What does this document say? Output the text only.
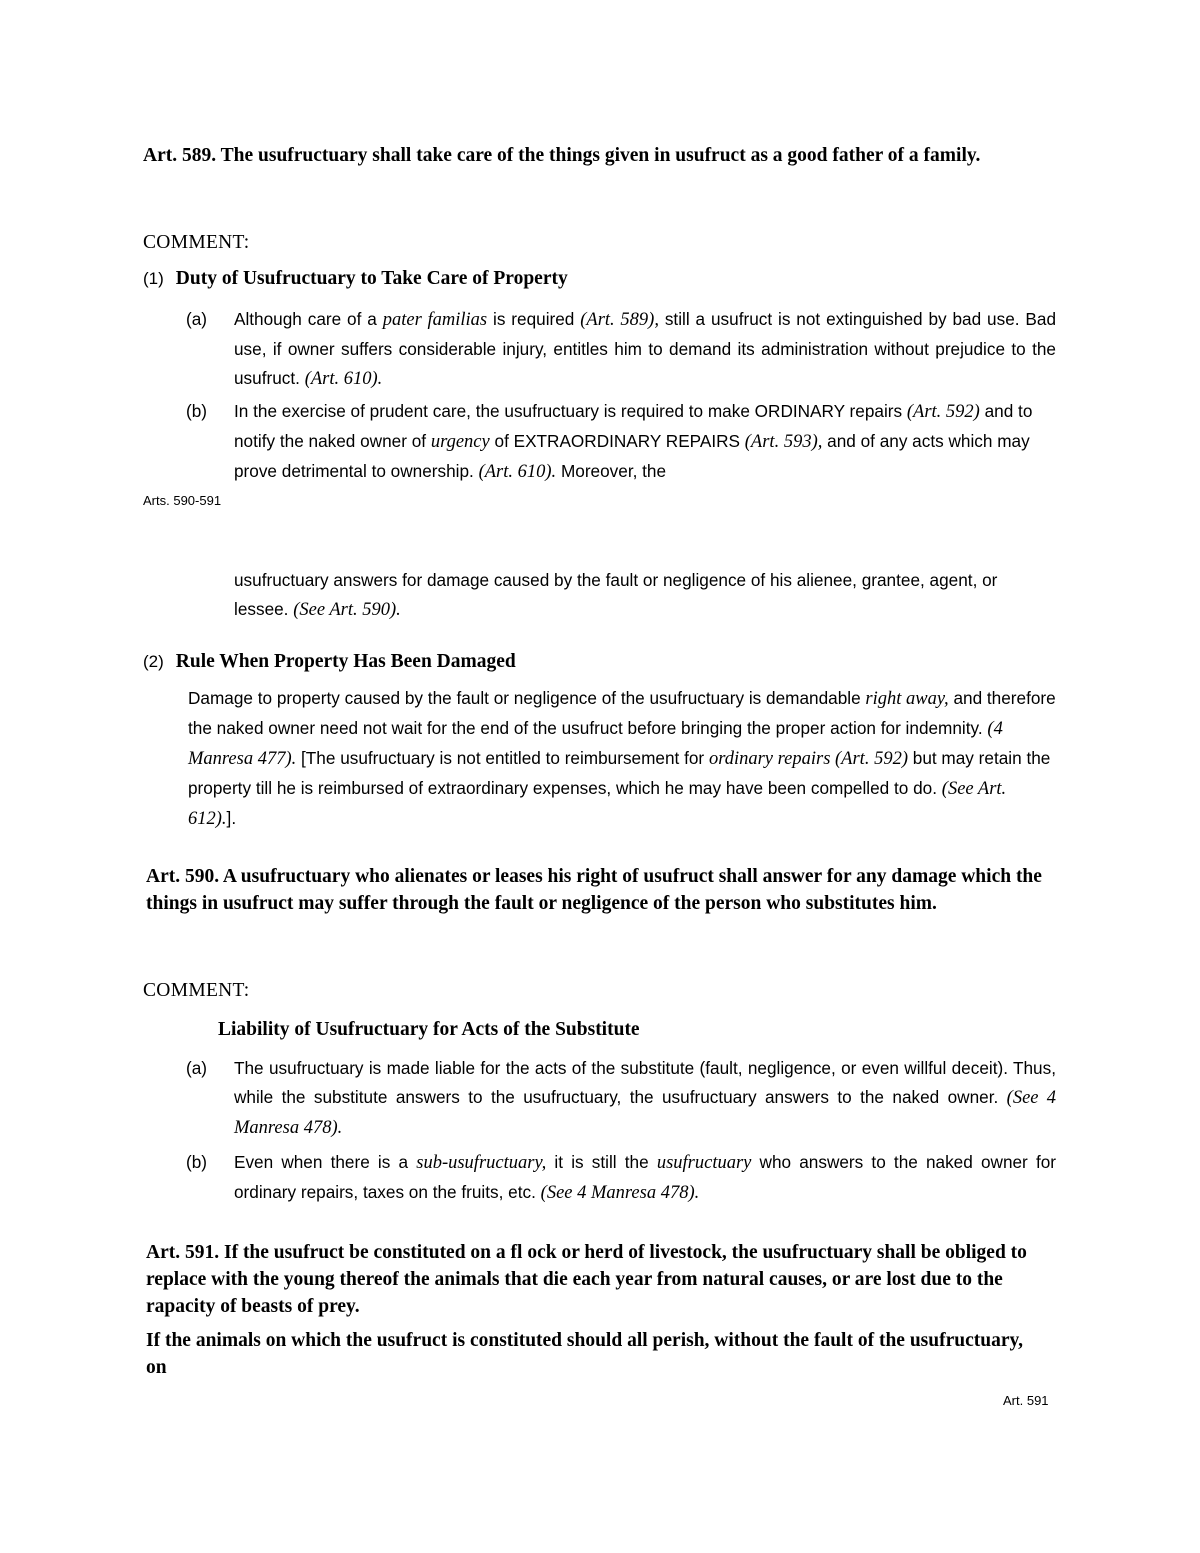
Art. 589. The usufructuary shall take care of the things given in usufruct as a good father of a family.
COMMENT:
(1) Duty of Usufructuary to Take Care of Property
(a) Although care of a pater familias is required (Art. 589), still a usufruct is not extinguished by bad use. Bad use, if owner suffers considerable injury, entitles him to demand its administration without prejudice to the usufruct. (Art. 610).
(b) In the exercise of prudent care, the usufructuary is required to make ORDINARY repairs (Art. 592) and to notify the naked owner of urgency of EXTRAORDINARY REPAIRS (Art. 593), and of any acts which may prove detrimental to ownership. (Art. 610). Moreover, the
Arts. 590-591
usufructuary answers for damage caused by the fault or negligence of his alienee, grantee, agent, or lessee. (See Art. 590).
(2) Rule When Property Has Been Damaged
Damage to property caused by the fault or negligence of the usufructuary is demandable right away, and therefore the naked owner need not wait for the end of the usufruct before bringing the proper action for indemnity. (4 Manresa 477). [The usufructuary is not entitled to reimbursement for ordinary repairs (Art. 592) but may retain the property till he is reimbursed of extraordinary expenses, which he may have been compelled to do. (See Art. 612).].
Art. 590. A usufructuary who alienates or leases his right of usufruct shall answer for any damage which the things in usufruct may suffer through the fault or negligence of the person who substitutes him.
COMMENT:
Liability of Usufructuary for Acts of the Substitute
(a) The usufructuary is made liable for the acts of the substitute (fault, negligence, or even willful deceit). Thus, while the substitute answers to the usufructuary, the usufructuary answers to the naked owner. (See 4 Manresa 478).
(b) Even when there is a sub-usufructuary, it is still the usufructuary who answers to the naked owner for ordinary repairs, taxes on the fruits, etc. (See 4 Manresa 478).
Art. 591. If the usufruct be constituted on a fl ock or herd of livestock, the usufructuary shall be obliged to replace with the young thereof the animals that die each year from natural causes, or are lost due to the rapacity of beasts of prey.
If the animals on which the usufruct is constituted should all perish, without the fault of the usufructuary, on
Art. 591
